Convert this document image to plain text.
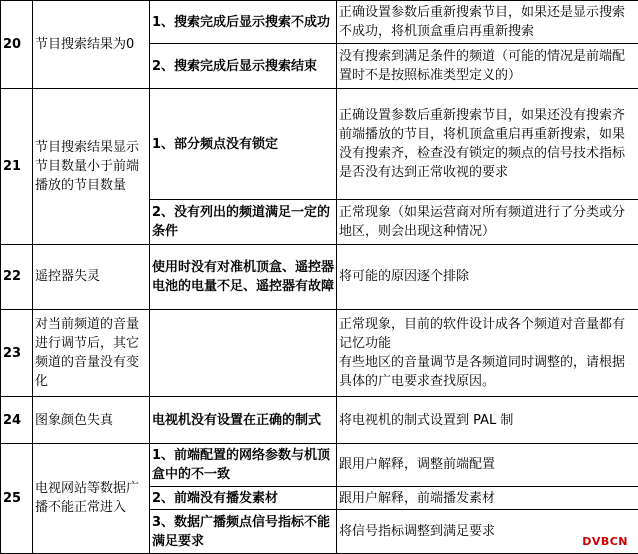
20	节目搜索结果为0	1、搜索完成后显示搜索不成功	正确设置参数后重新搜索节目，如果还是显示搜索不成功，将机顶盒重启再重新搜索
		2、搜索完成后显示搜索结束	没有搜索到满足条件的频道（可能的情况是前端配置时不是按照标准类型定义的）
21	节目搜索结果显示节目数量小于前端播放的节目数量	1、部分频点没有锁定	正确设置参数后重新搜索节目，如果还没有搜索齐前端播放的节目，将机顶盒重启再重新搜索，如果没有搜索齐，检查没有锁定的频点的信号技术指标是否没有达到正常收视的要求
		2、没有列出的频道满足一定的条件	正常现象（如果运营商对所有频道进行了分类或分地区，则会出现这种情况）
22	遥控器失灵	使用时没有对准机顶盒、遥控器电池的电量不足、遥控器有故障	将可能的原因逐个排除
23	对当前频道的音量进行调节后，其它频道的音量没有变化		正常现象，目前的软件设计成各个频道对音量都有记忆功能
有些地区的音量调节是各频道同时调整的，请根据具体的广电要求查找原因。
24	图象颜色失真	电视机没有设置在正确的制式	将电视机的制式设置到 PAL 制
25	电视网站等数据广播不能正常进入	1、前端配置的网络参数与机顶盒中的不一致	跟用户解释，调整前端配置
		2、前端没有播发素材	跟用户解释，前端播发素材
		3、数据广播频点信号指标不能满足要求	将信号指标调整到满足要求
DVBCN
